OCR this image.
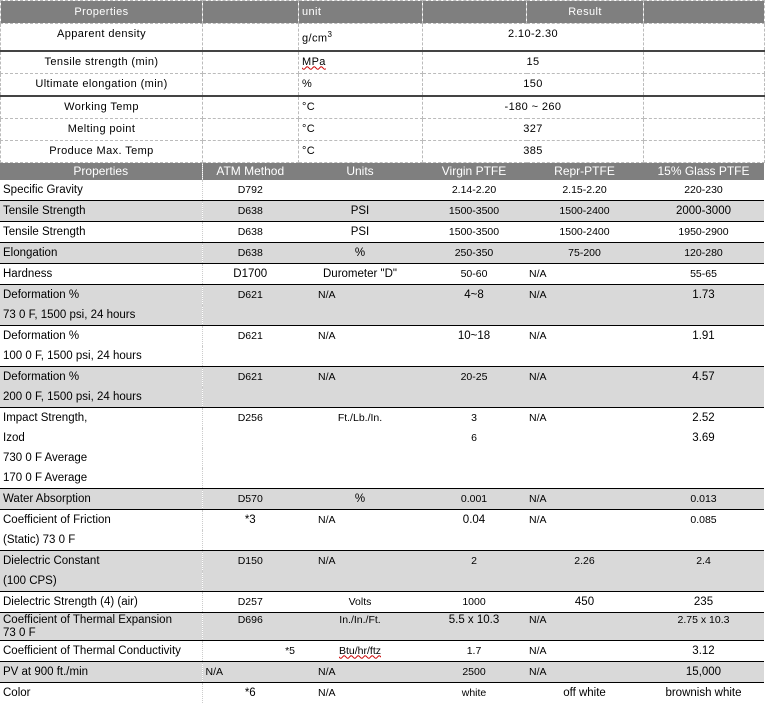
Properties		unit		Result	
Apparent density		$g/cm^3$	2.10-2.30		
Tensile strength (min)		MPa	15		
Ultimate elongation (min)		%	150		
Working Temp		°C	-180 ~ 260		
Melting point		°C	327		
Produce Max. Temp		°C	385		
Properties	ATM Method	Units	Virgin PTFE	Repr-PTFE	15% Glass PTFE
Specific Gravity	D792		2.14-2.20	2.15-2.20	220-230
Tensile Strength	D638	PSI	1500-3500	1500-2400	2000-3000
Tensile Strength	D638	PSI	1500-3500	1500-2400	1950-2900
Elongation	D638	%	250-350	75-200	120-280
Hardness	D1700	Durometer "D"	50-60	N/A	55-65
Deformation %	D621	N/A	4~8	N/A	1.73
73 0 F, 1500 psi, 24 hours					
Deformation %	D621	N/A	10~18	N/A	1.91
100 0 F, 1500 psi, 24 hours					
Deformation %	D621	N/A	20-25	N/A	4.57
200 0 F, 1500 psi, 24 hours					
Impact Strength,	D256	Ft./Lb./In.	3	N/A	2.52
Izod			6		3.69
730 0 F Average					
170 0 F Average					
Water Absorption	D570	%	0.001	N/A	0.013
Coefficient of Friction	*3	N/A	0.04	N/A	0.085
(Static) 73 0 F					
Dielectric Constant	D150	N/A	2	2.26	2.4
(100 CPS)					
Dielectric Strength (4) (air)	D257	Volts	1000	450	235
Coefficient of Thermal Expansion
73 0 F	D696	In./In./Ft.	5.5 x 10.3	N/A	2.75 x 10.3
Coefficient of Thermal Conductivity	*5	Btu/hr/ftz	1.7	N/A	3.12
PV at 900 ft./min	N/A	N/A	2500	N/A	15,000
Color	*6	N/A	white	off white	brownish white
